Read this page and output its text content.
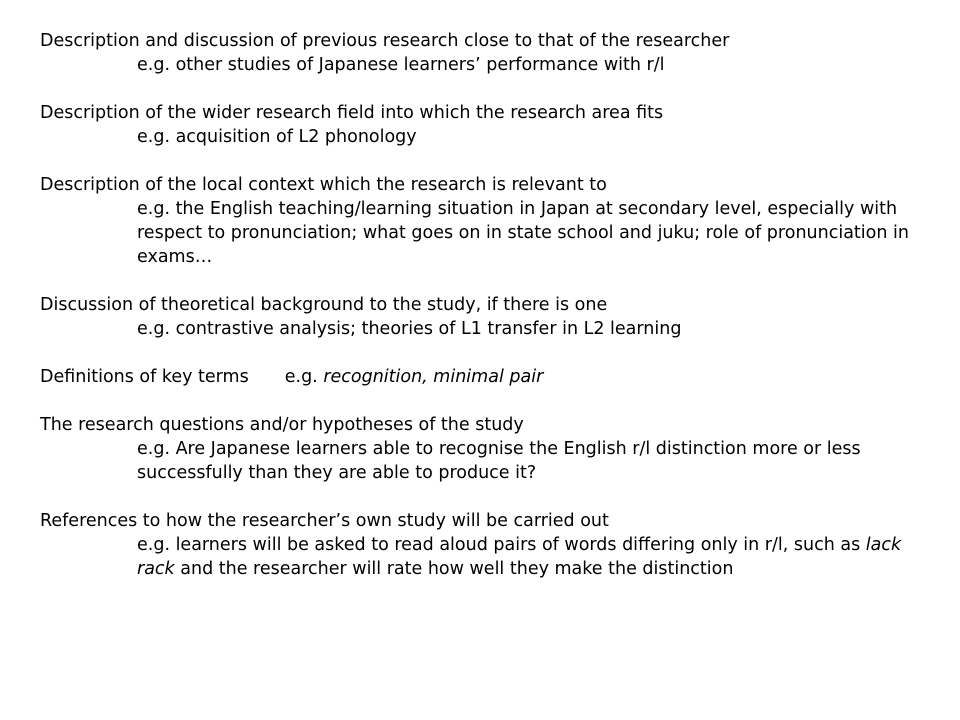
Description and discussion of previous research close to that of the researcher
e.g. other studies of Japanese learners’ performance with r/l
Description of the wider research field into which the research area fits
e.g. acquisition of L2 phonology
Description of the local context which the research is relevant to
e.g. the English teaching/learning situation in Japan at secondary level, especially with respect to pronunciation; what goes on in state school and juku; role of pronunciation in exams…
Discussion of theoretical background to the study, if there is one
e.g. contrastive analysis; theories of L1 transfer in L2 learning
Definitions of key terms e.g. recognition, minimal pair
The research questions and/or hypotheses of the study
e.g. Are Japanese learners able to recognise the English r/l distinction more or less successfully than they are able to produce it?
References to how the researcher’s own study will be carried out
e.g. learners will be asked to read aloud pairs of words differing only in r/l, such as lack rack and the researcher will rate how well they make the distinction
